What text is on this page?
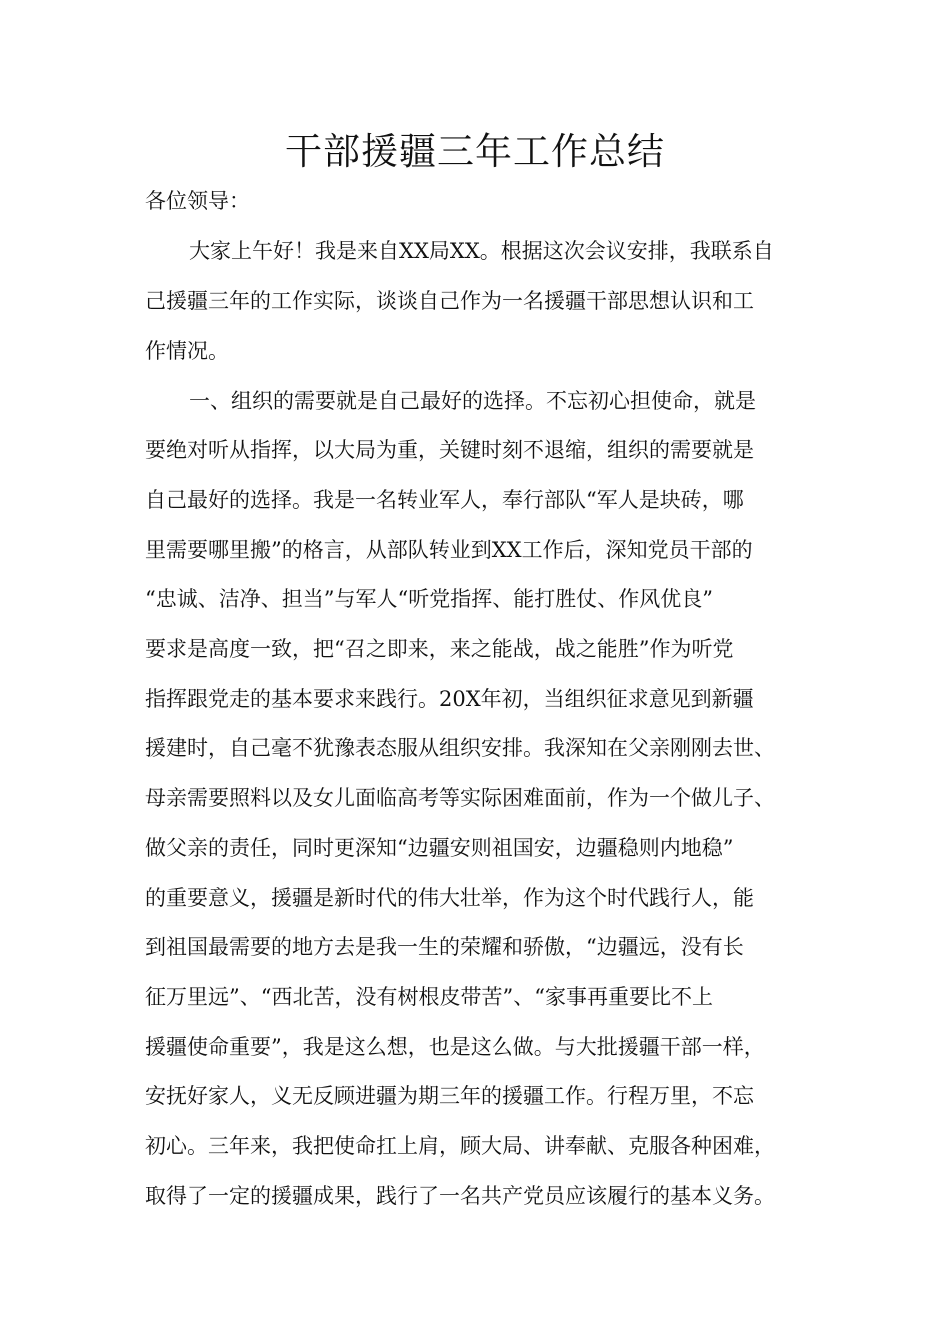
干部援疆三年工作总结
各位领导：
大家上午好！我是来自XX局XX。根据这次会议安排，我联系自
己援疆三年的工作实际，谈谈自己作为一名援疆干部思想认识和工
作情况。
一、组织的需要就是自己最好的选择。不忘初心担使命，就是
要绝对听从指挥，以大局为重，关键时刻不退缩，组织的需要就是
自己最好的选择。我是一名转业军人，奉行部队“军人是块砖，哪
里需要哪里搬”的格言，从部队转业到XX工作后，深知党员干部的
“忠诚、洁净、担当”与军人“听党指挥、能打胜仗、作风优良”
要求是高度一致，把“召之即来，来之能战，战之能胜”作为听党
指挥跟党走的基本要求来践行。20X年初，当组织征求意见到新疆
援建时，自己毫不犹豫表态服从组织安排。我深知在父亲刚刚去世、
母亲需要照料以及女儿面临高考等实际困难面前，作为一个做儿子、
做父亲的责任，同时更深知“边疆安则祖国安，边疆稳则内地稳”
的重要意义，援疆是新时代的伟大壮举，作为这个时代践行人，能
到祖国最需要的地方去是我一生的荣耀和骄傲，“边疆远，没有长
征万里远”、“西北苦，没有树根皮带苦”、“家事再重要比不上
援疆使命重要”，我是这么想，也是这么做。与大批援疆干部一样，
安抚好家人，义无反顾进疆为期三年的援疆工作。行程万里，不忘
初心。三年来，我把使命扛上肩，顾大局、讲奉献、克服各种困难，
取得了一定的援疆成果，践行了一名共产党员应该履行的基本义务。
